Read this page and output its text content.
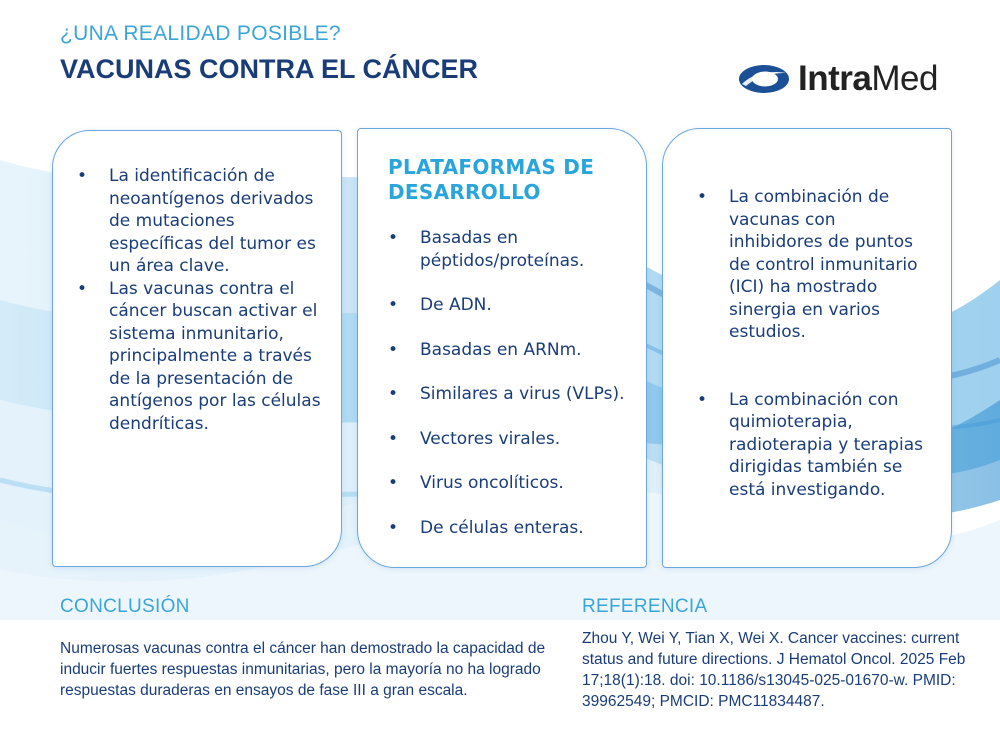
¿UNA REALIDAD POSIBLE?
VACUNAS CONTRA EL CÁNCER	IntraMed
• La identificación de neoantígenos derivados de mutaciones específicas del tumor es un área clave.
• Las vacunas contra el cáncer buscan activar el sistema inmunitario, principalmente a través de la presentación de antígenos por las células dendríticas.
PLATAFORMAS DE DESARROLLO
• Basadas en péptidos/proteínas.
• De ADN.
• Basadas en ARNm.
• Similares a virus (VLPs).
• Vectores virales.
• Virus oncolíticos.
• De células enteras.
• La combinación de vacunas con inhibidores de puntos de control inmunitario (ICI) ha mostrado sinergia en varios estudios.
• La combinación con quimioterapia, radioterapia y terapias dirigidas también se está investigando.
CONCLUSIÓN

Numerosas vacunas contra el cáncer han demostrado la capacidad de inducir fuertes respuestas inmunitarias, pero la mayoría no ha logrado respuestas duraderas en ensayos de fase III a gran escala.

REFERENCIA

Zhou Y, Wei Y, Tian X, Wei X. Cancer vaccines: current status and future directions. J Hematol Oncol. 2025 Feb 17;18(1):18. doi: 10.1186/s13045-025-01670-w. PMID: 39962549; PMCID: PMC11834487.
